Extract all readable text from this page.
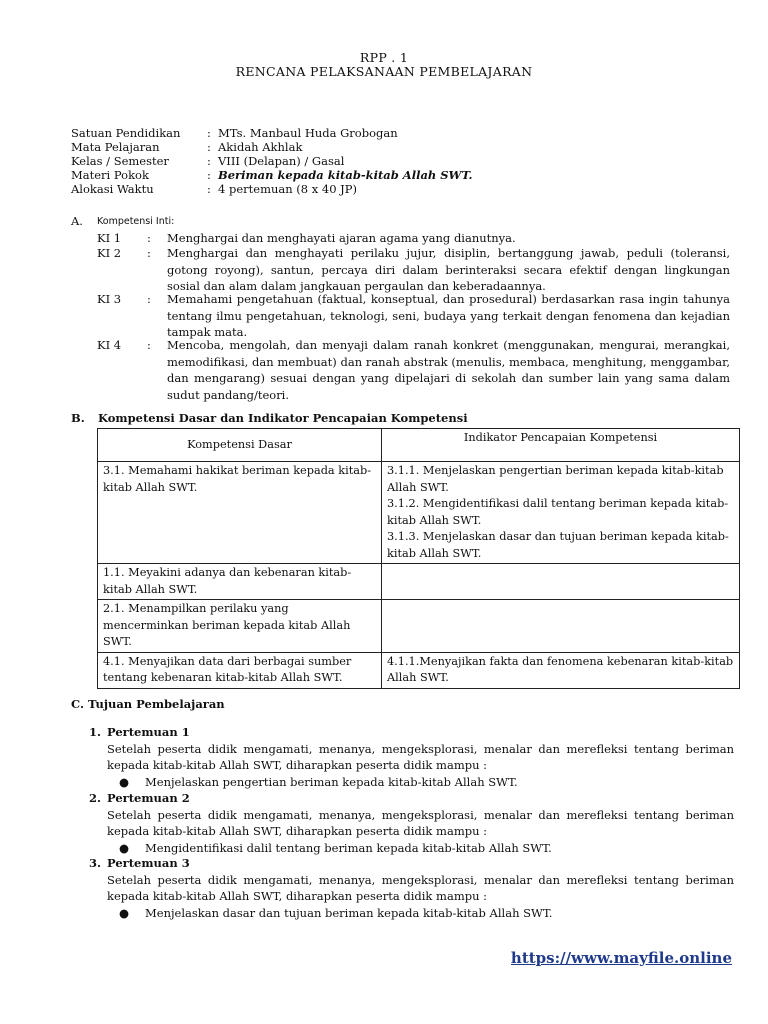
RPP . 1
RENCANA PELAKSANAAN PEMBELAJARAN
Satuan Pendidikan	: MTs. Manbaul Huda Grobogan
Mata Pelajaran	: Akidah Akhlak
Kelas / Semester	: VIII (Delapan) / Gasal
Materi Pokok	: Beriman kepada kitab-kitab Allah SWT.
Alokasi Waktu	: 4 pertemuan (8 x 40 JP)
A. Kompetensi Inti:
KI 1 : Menghargai dan menghayati ajaran agama yang dianutnya.
KI 2 : Menghargai dan menghayati perilaku jujur, disiplin, bertanggung jawab, peduli (toleransi, gotong royong), santun, percaya diri dalam berinteraksi secara efektif dengan lingkungan sosial dan alam dalam jangkauan pergaulan dan keberadaannya.
KI 3 : Memahami pengetahuan (faktual, konseptual, dan prosedural) berdasarkan rasa ingin tahunya tentang ilmu pengetahuan, teknologi, seni, budaya yang terkait dengan fenomena dan kejadian tampak mata.
KI 4 : Mencoba, mengolah, dan menyaji dalam ranah konkret (menggunakan, mengurai, merangkai, memodifikasi, dan membuat) dan ranah abstrak (menulis, membaca, menghitung, menggambar, dan mengarang) sesuai dengan yang dipelajari di sekolah dan sumber lain yang sama dalam sudut pandang/teori.
B. Kompetensi Dasar dan Indikator Pencapaian Kompetensi
Kompetensi Dasar	Indikator Pencapaian Kompetensi
3.1. Memahami hakikat beriman kepada kitab-kitab Allah SWT.	3.1.1. Menjelaskan pengertian beriman kepada kitab-kitab Allah SWT.
3.1.2. Mengidentifikasi dalil tentang beriman kepada kitab-kitab Allah SWT.
3.1.3. Menjelaskan dasar dan tujuan beriman kepada kitab-kitab Allah SWT.

1.1. Meyakini adanya dan kebenaran kitab-kitab Allah SWT.	
2.1. Menampilkan perilaku yang mencerminkan beriman kepada kitab Allah SWT.	
4.1. Menyajikan data dari berbagai sumber tentang kebenaran kitab-kitab Allah SWT.	4.1.1.Menyajikan fakta dan fenomena kebenaran kitab-kitab Allah SWT.
C. Tujuan Pembelajaran
1. Pertemuan 1
Setelah peserta didik mengamati, menanya, mengeksplorasi, menalar dan merefleksi tentang beriman kepada kitab-kitab Allah SWT, diharapkan peserta didik mampu :
● Menjelaskan pengertian beriman kepada kitab-kitab Allah SWT.
2. Pertemuan 2
Setelah peserta didik mengamati, menanya, mengeksplorasi, menalar dan merefleksi tentang beriman kepada kitab-kitab Allah SWT, diharapkan peserta didik mampu :
● Mengidentifikasi dalil tentang beriman kepada kitab-kitab Allah SWT.
3. Pertemuan 3
Setelah peserta didik mengamati, menanya, mengeksplorasi, menalar dan merefleksi tentang beriman kepada kitab-kitab Allah SWT, diharapkan peserta didik mampu :
● Menjelaskan dasar dan tujuan beriman kepada kitab-kitab Allah SWT.
https://www.mayfile.online
